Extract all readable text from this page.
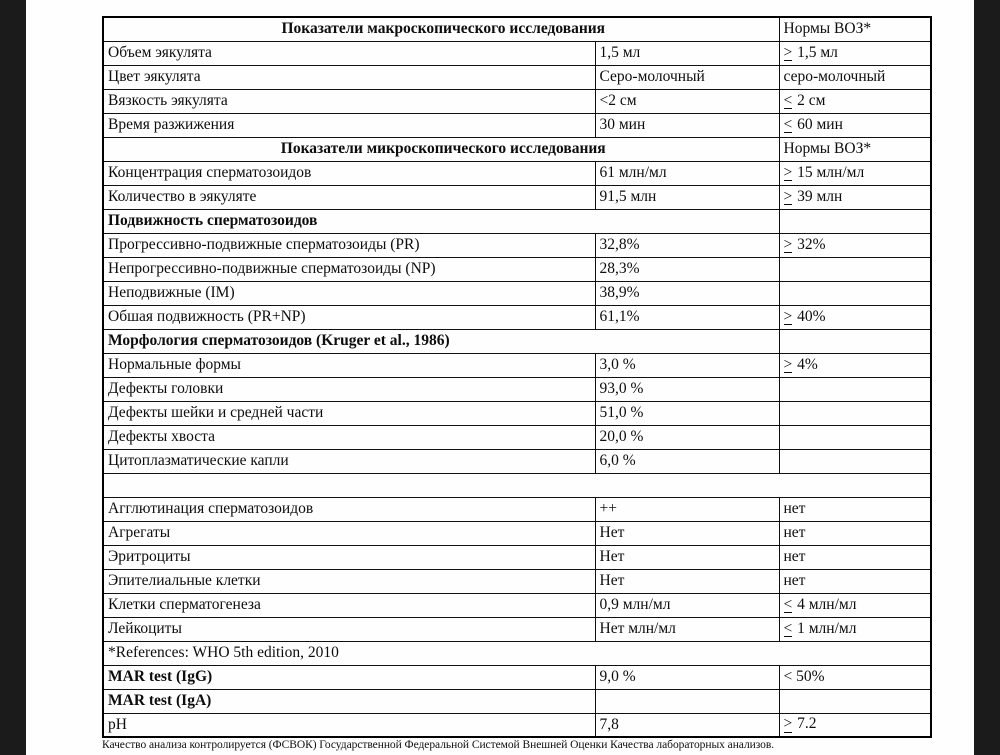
Показатели макроскопического исследования		Нормы ВОЗ*
Объем эякулята	1,5 мл	> 1,5 мл
Цвет эякулята	Серо-молочный	серо-молочный
Вязкость эякулята	<2 см	< 2 см
Время разжижения	30 мин	< 60 мин
Показатели микроскопического исследования		Нормы ВОЗ*
Концентрация сперматозоидов	61 млн/мл	> 15 млн/мл
Количество в эякуляте	91,5 млн	> 39 млн
Подвижность сперматозоидов		
Прогрессивно-подвижные сперматозоиды (PR)	32,8%	> 32%
Непрогрессивно-подвижные сперматозоиды (NP)	28,3%	
Неподвижные (IM)	38,9%	
Обшая подвижность (PR+NP)	61,1%	> 40%
Морфология сперматозоидов (Kruger et al., 1986)		
Нормальные формы	3,0 %	> 4%
Дефекты головки	93,0 %	
Дефекты шейки и средней части	51,0 %	
Дефекты хвоста	20,0 %	
Цитоплазматические капли	6,0 %	

Агглютинация сперматозоидов	++	нет
Агрегаты	Нет	нет
Эритроциты	Нет	нет
Эпителиальные клетки	Нет	нет
Клетки сперматогенеза	0,9 млн/мл	< 4 млн/мл
Лейкоциты	Нет млн/мл	< 1 млн/мл
*References: WHO 5th edition, 2010		
MAR test (IgG)	9,0 %	< 50%
MAR test (IgA)		
pH	7,8	> 7.2
Качество анализа контролируется (ФСВОК) Государственной Федеральной Системой Внешней Оценки Качества лабораторных анализов.
